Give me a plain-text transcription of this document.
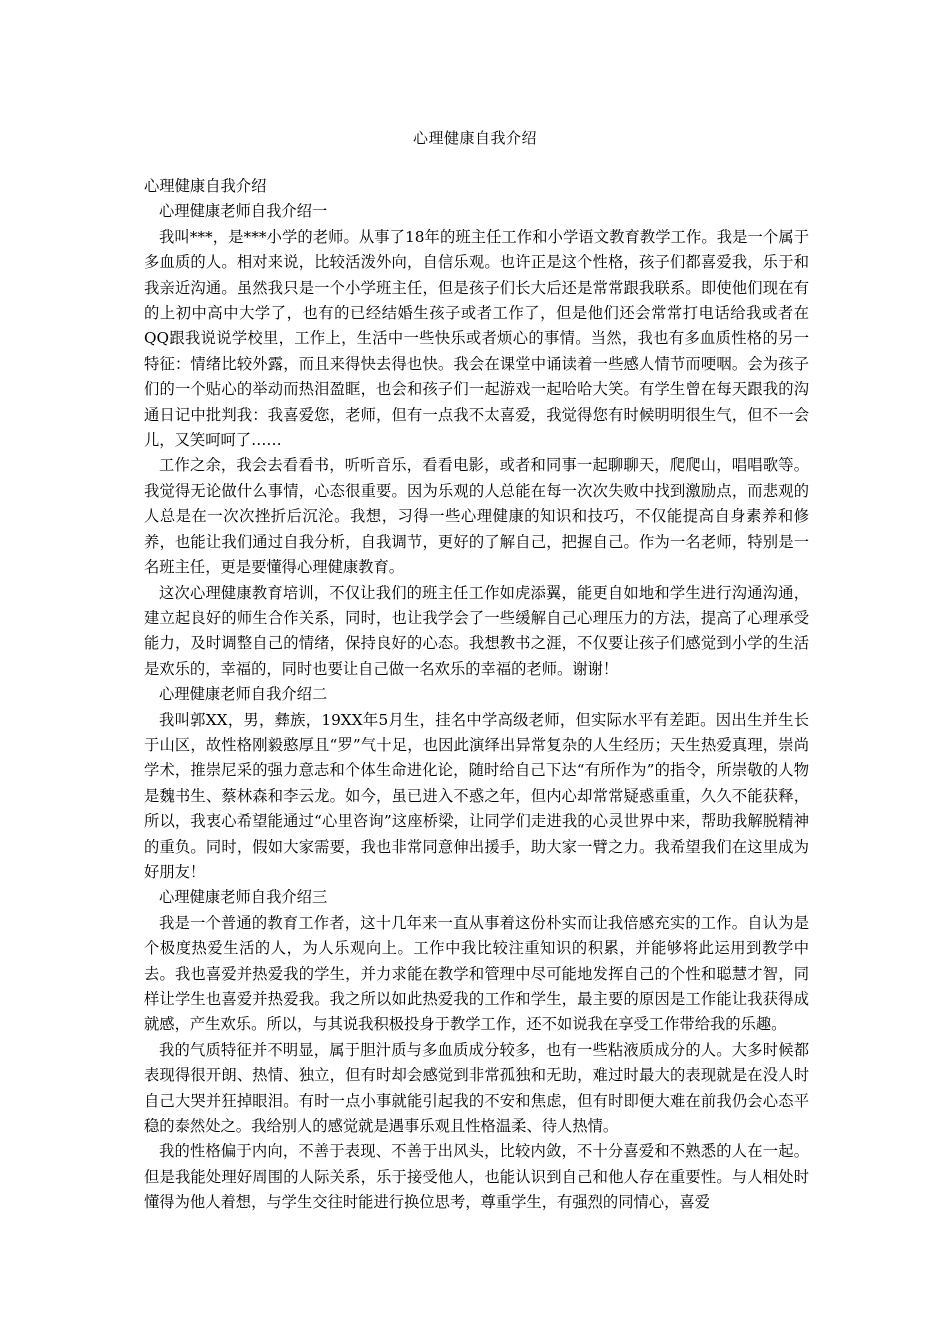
心理健康自我介绍

心理健康自我介绍

心理健康老师自我介绍一

我叫***，是***小学的老师。从事了18年的班主任工作和小学语文教育教学工作。我是一个属于多血质的人。相对来说，比较活泼外向，自信乐观。也许正是这个性格，孩子们都喜爱我，乐于和我亲近沟通。虽然我只是一个小学班主任，但是孩子们长大后还是常常跟我联系。即使他们现在有的上初中高中大学了，也有的已经结婚生孩子或者工作了，但是他们还会常常打电话给我或者在QQ跟我说说学校里，工作上，生活中一些快乐或者烦心的事情。当然，我也有多血质性格的另一特征：情绪比较外露，而且来得快去得也快。我会在课堂中诵读着一些感人情节而哽咽。会为孩子们的一个贴心的举动而热泪盈眶，也会和孩子们一起游戏一起哈哈大笑。有学生曾在每天跟我的沟通日记中批判我：我喜爱您，老师，但有一点我不太喜爱，我觉得您有时候明明很生气，但不一会儿，又笑呵呵了……

工作之余，我会去看看书，听听音乐，看看电影，或者和同事一起聊聊天，爬爬山，唱唱歌等。我觉得无论做什么事情，心态很重要。因为乐观的人总能在每一次次失败中找到激励点，而悲观的人总是在一次次挫折后沉沦。我想，习得一些心理健康的知识和技巧，不仅能提高自身素养和修养，也能让我们通过自我分析，自我调节，更好的了解自己，把握自己。作为一名老师，特别是一名班主任，更是要懂得心理健康教育。

这次心理健康教育培训，不仅让我们的班主任工作如虎添翼，能更自如地和学生进行沟通沟通，建立起良好的师生合作关系，同时，也让我学会了一些缓解自己心理压力的方法，提高了心理承受能力，及时调整自己的情绪，保持良好的心态。我想教书之涯，不仅要让孩子们感觉到小学的生活是欢乐的，幸福的，同时也要让自己做一名欢乐的幸福的老师。谢谢！

心理健康老师自我介绍二

我叫郭XX，男，彝族，19XX年5月生，挂名中学高级老师，但实际水平有差距。因出生并生长于山区，故性格刚毅憨厚且“罗”气十足，也因此演绎出异常复杂的人生经历；天生热爱真理，崇尚学术，推崇尼采的强力意志和个体生命进化论，随时给自己下达“有所作为”的指令，所崇敬的人物是魏书生、蔡林森和李云龙。如今，虽已进入不惑之年，但内心却常常疑惑重重，久久不能获释，所以，我衷心希望能通过“心里咨询”这座桥梁，让同学们走进我的心灵世界中来，帮助我解脱精神的重负。同时，假如大家需要，我也非常同意伸出援手，助大家一臂之力。我希望我们在这里成为好朋友！

心理健康老师自我介绍三

我是一个普通的教育工作者，这十几年来一直从事着这份朴实而让我倍感充实的工作。自认为是个极度热爱生活的人，为人乐观向上。工作中我比较注重知识的积累，并能够将此运用到教学中去。我也喜爱并热爱我的学生，并力求能在教学和管理中尽可能地发挥自己的个性和聪慧才智，同样让学生也喜爱并热爱我。我之所以如此热爱我的工作和学生，最主要的原因是工作能让我获得成就感，产生欢乐。所以，与其说我积极投身于教学工作，还不如说我在享受工作带给我的乐趣。

我的气质特征并不明显，属于胆汁质与多血质成分较多，也有一些粘液质成分的人。大多时候都表现得很开朗、热情、独立，但有时却会感觉到非常孤独和无助，难过时最大的表现就是在没人时自己大哭并狂掉眼泪。有时一点小事就能引起我的不安和焦虑，但有时即便大难在前我仍会心态平稳的泰然处之。我给别人的感觉就是遇事乐观且性格温柔、待人热情。

我的性格偏于内向，不善于表现、不善于出风头，比较内敛，不十分喜爱和不熟悉的人在一起。但是我能处理好周围的人际关系，乐于接受他人，也能认识到自己和他人存在重要性。与人相处时懂得为他人着想，与学生交往时能进行换位思考，尊重学生，有强烈的同情心，喜爱
